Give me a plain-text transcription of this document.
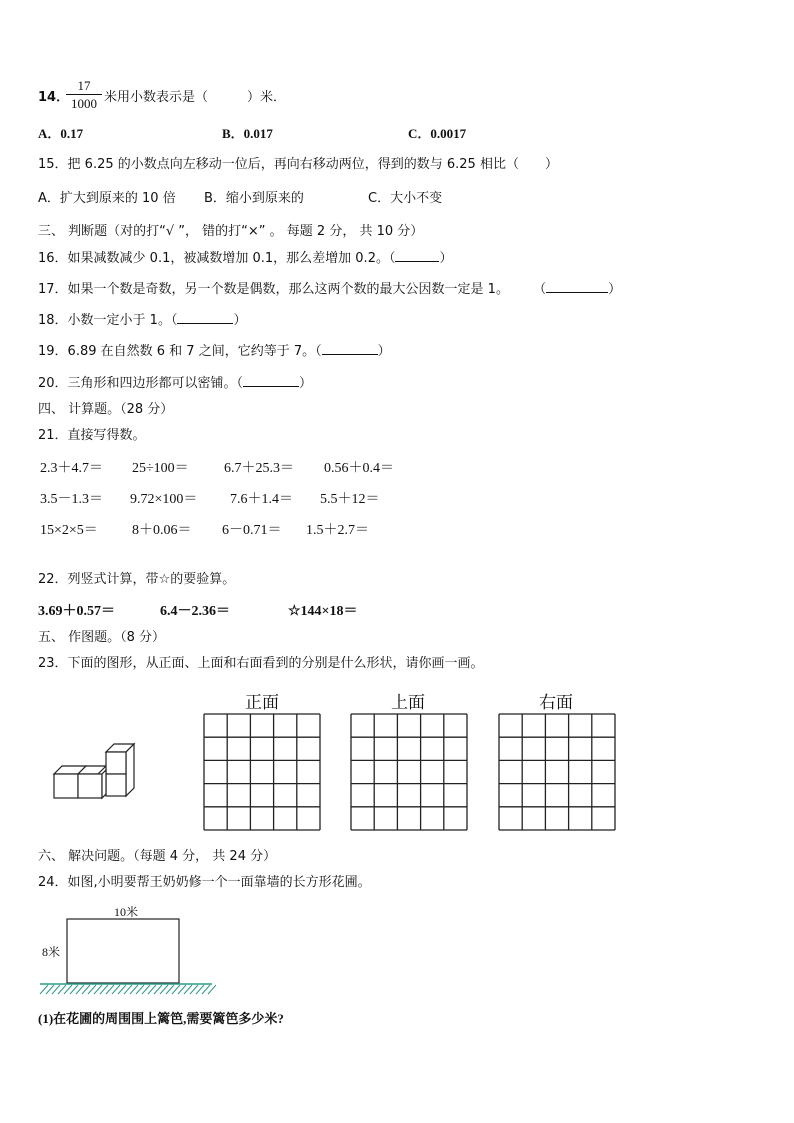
14．
17
1000 米用小数表示是（　　　）米．
A．0.17	B．0.017	C．0.0017
15．把 6.25 的小数点向左移动一位后，再向右移动两位，得到的数与 6.25 相比（　　）
A．扩大到原来的 10 倍 B．缩小到原来的	C．大小不变
三、 判断题（对的打“√ ”， 错的打“×” 。 每题 2 分， 共 10 分）
16．如果减数减少 0.1，被减数增加 0.1，那么差增加 0.2。（	）
17．如果一个数是奇数，另一个数是偶数，那么这两个数的最大公因数一定是 1。 （	）
18．小数一定小于 1。（	）
19．6.89 在自然数 6 和 7 之间，它约等于 7。（	）
20．三角形和四边形都可以密铺。（	）
四、 计算题。（28 分）
21．直接写得数。
2.3＋4.7＝ 25÷100＝	6.7＋25.3＝ 0.56＋0.4＝
3.5－1.3＝ 9.72×100＝ 7.6＋1.4＝ 5.5＋12＝
15×2×5＝ 8＋0.06＝ 6－0.71＝ 1.5＋2.7＝
22．列竖式计算，带☆的要验算。
3.69＋0.57＝	6.4－2.36＝	☆144×18＝
五、 作图题。（8 分）
23．下面的图形，从正面、上面和右面看到的分别是什么形状，请你画一画。
正面	上面	右面
六、 解决问题。（每题 4 分， 共 24 分）
24．如图,小明要帮王奶奶修一个一面靠墙的长方形花圃。
10米
8米
(1)在花圃的周围围上篱笆,需要篱笆多少米?
